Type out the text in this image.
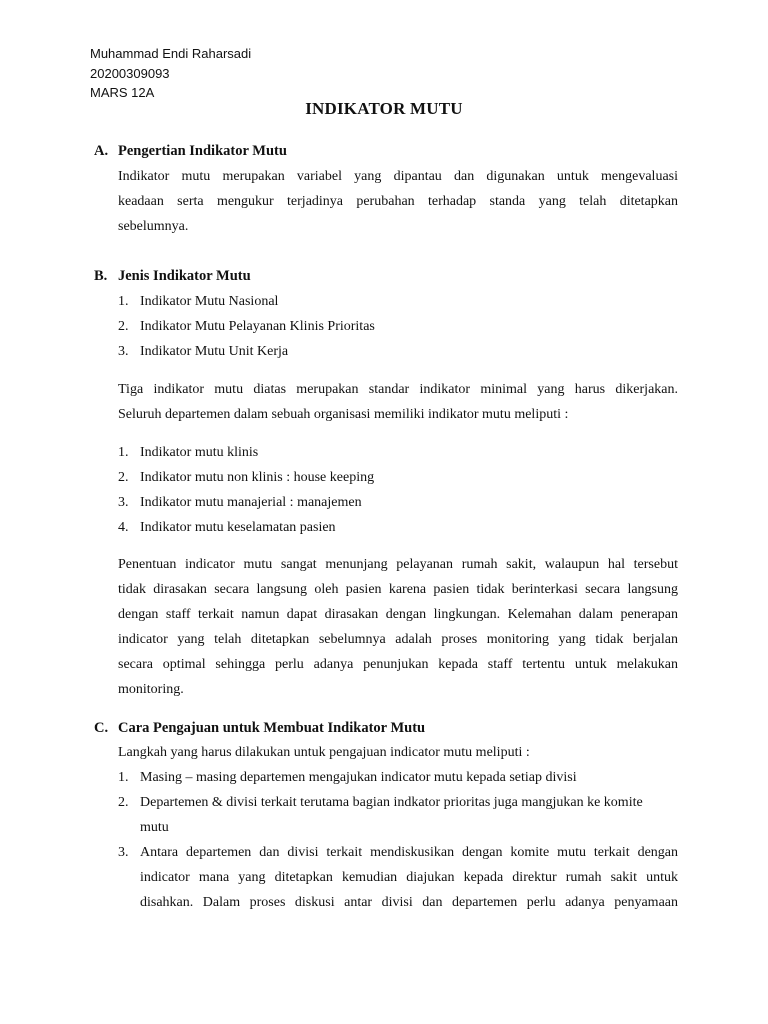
Muhammad Endi Raharsadi
20200309093
MARS 12A
INDIKATOR MUTU
A. Pengertian Indikator Mutu
Indikator mutu merupakan variabel yang dipantau dan digunakan untuk mengevaluasi
keadaan serta mengukur terjadinya perubahan terhadap standa yang telah ditetapkan
sebelumnya.
B. Jenis Indikator Mutu
1. Indikator Mutu Nasional
2. Indikator Mutu Pelayanan Klinis Prioritas
3. Indikator Mutu Unit Kerja
Tiga indikator mutu diatas merupakan standar indikator minimal yang harus dikerjakan.
Seluruh departemen dalam sebuah organisasi memiliki indikator mutu meliputi :
1. Indikator mutu klinis
2. Indikator mutu non klinis : house keeping
3. Indikator mutu manajerial : manajemen
4. Indikator mutu keselamatan pasien
Penentuan indicator mutu sangat menunjang pelayanan rumah sakit, walaupun hal tersebut
tidak dirasakan secara langsung oleh pasien karena pasien tidak berinterkasi secara langsung
dengan staff terkait namun dapat dirasakan dengan lingkungan. Kelemahan dalam penerapan
indicator yang telah ditetapkan sebelumnya adalah proses monitoring yang tidak berjalan
secara optimal sehingga perlu adanya penunjukan kepada staff tertentu untuk melakukan
monitoring.
C. Cara Pengajuan untuk Membuat Indikator Mutu
Langkah yang harus dilakukan untuk pengajuan indicator mutu meliputi :
1. Masing – masing departemen mengajukan indicator mutu kepada setiap divisi
2. Departemen & divisi terkait terutama bagian indkator prioritas juga mangjukan ke komite
mutu
3. Antara departemen dan divisi terkait mendiskusikan dengan komite mutu terkait dengan
indicator mana yang ditetapkan kemudian diajukan kepada direktur rumah sakit untuk
disahkan. Dalam proses diskusi antar divisi dan departemen perlu adanya penyamaan
